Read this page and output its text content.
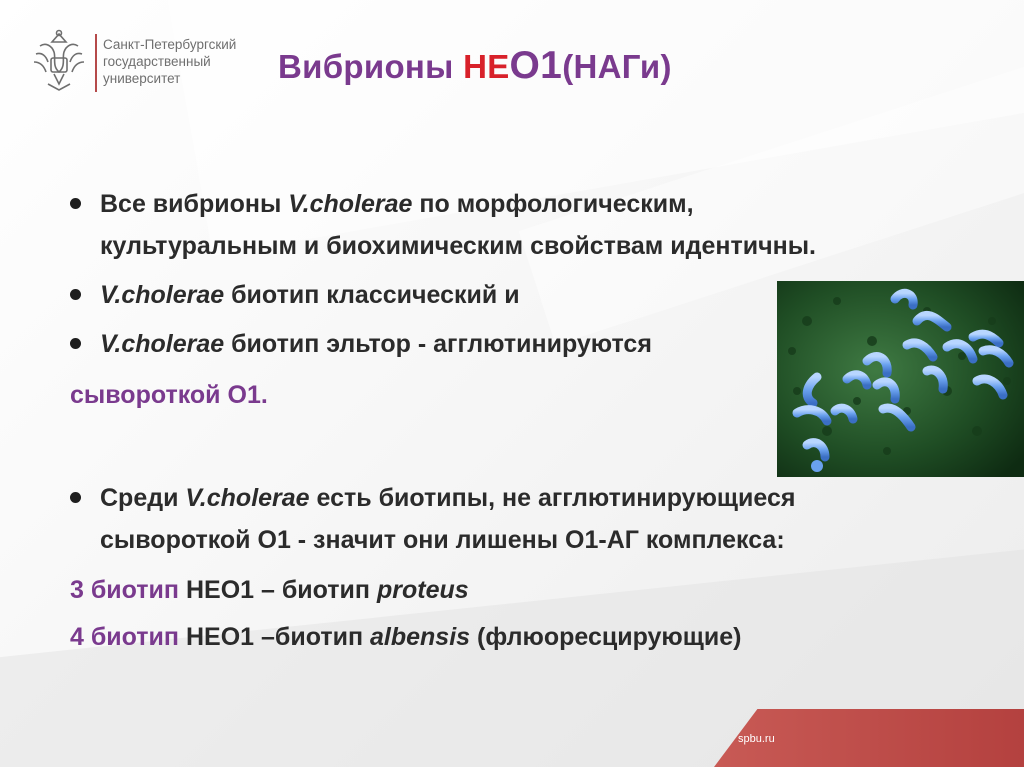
Санкт-Петербургский
государственный
университет	Вибрионы НЕО1(НАГи)
Все вибрионы V.cholerae по морфологическим,
культуральным и биохимическим свойствам идентичны.
V.cholerae биотип классический и
V.cholerae биотип эльтор - агглютинируются
сывороткой О1.
Среди V.cholerae есть биотипы, не агглютинирующиеся
сывороткой О1 - значит они лишены О1-АГ комплекса:
3 биотип НЕО1 – биотип proteus
4 биотип НЕО1 –биотип albensis (флюоресцирующие)
spbu.ru
